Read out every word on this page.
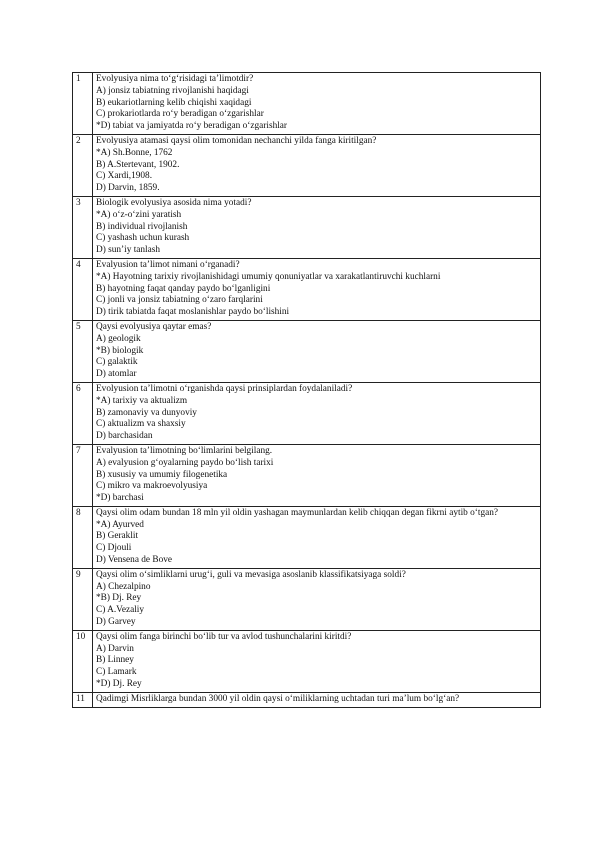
1	Evolyusiya nima to‘g‘risidagi ta’limotdir?
A) jonsiz tabiatning rivojlanishi haqidagi
B) eukariotlarning kelib chiqishi xaqidagi
C) prokariotlarda ro‘y beradigan o‘zgarishlar
*D) tabiat va jamiyatda ro‘y beradigan o‘zgarishlar

2	Evolyusiya atamasi qaysi olim tomonidan nechanchi yilda fanga kiritilgan?
*A) Sh.Bonne, 1762
B) A.Stertevant, 1902.
C) Xardi,1908.
D) Darvin, 1859.

3	Biologik evolyusiya asosida nima yotadi?
*A) o‘z-o‘zini yaratish
B) individual rivojlanish
C) yashash uchun kurash
D) sun’iy tanlash

4	Evalyusion ta’limot nimani o‘rganadi?
*A) Hayotning tarixiy rivojlanishidagi umumiy qonuniyatlar va xarakatlantiruvchi kuchlarni
B) hayotning faqat qanday paydo bo‘lganligini
C) jonli va jonsiz tabiatning o‘zaro farqlarini
D) tirik tabiatda faqat moslanishlar paydo bo‘lishini

5	Qaysi evolyusiya qaytar emas?
A) geologik
*B) biologik
C) galaktik
D) atomlar

6	Evolyusion ta’limotni o‘rganishda qaysi prinsiplardan foydalaniladi?
*A) tarixiy va aktualizm
B) zamonaviy va dunyoviy
C) aktualizm va shaxsiy
D) barchasidan

7	Evalyusion ta’limotning bo‘limlarini belgilang.
A) evalyusion g‘oyalarning paydo bo‘lish tarixi
B) xususiy va umumiy filogenetika
C) mikro va makroevolyusiya
*D) barchasi

8	Qaysi olim odam bundan 18 mln yil oldin yashagan maymunlardan kelib chiqqan degan fikrni aytib o‘tgan?
*A) Ayurved
B) Geraklit
C) Djouli
D) Vensena de Bove

9	Qaysi olim o‘simliklarni urug‘i, guli va mevasiga asoslanib klassifikatsiyaga soldi?
A) Chezalpino
*B) Dj. Rey
C) A.Vezaliy
D) Garvey

10	Qaysi olim fanga birinchi bo‘lib tur va avlod tushunchalarini kiritdi?
A) Darvin
B) Linney
C) Lamark
*D) Dj. Rey

11	Qadimgi Misrliklarga bundan 3000 yil oldin qaysi o‘miliklarning uchtadan turi ma’lum bo‘lg‘an?
